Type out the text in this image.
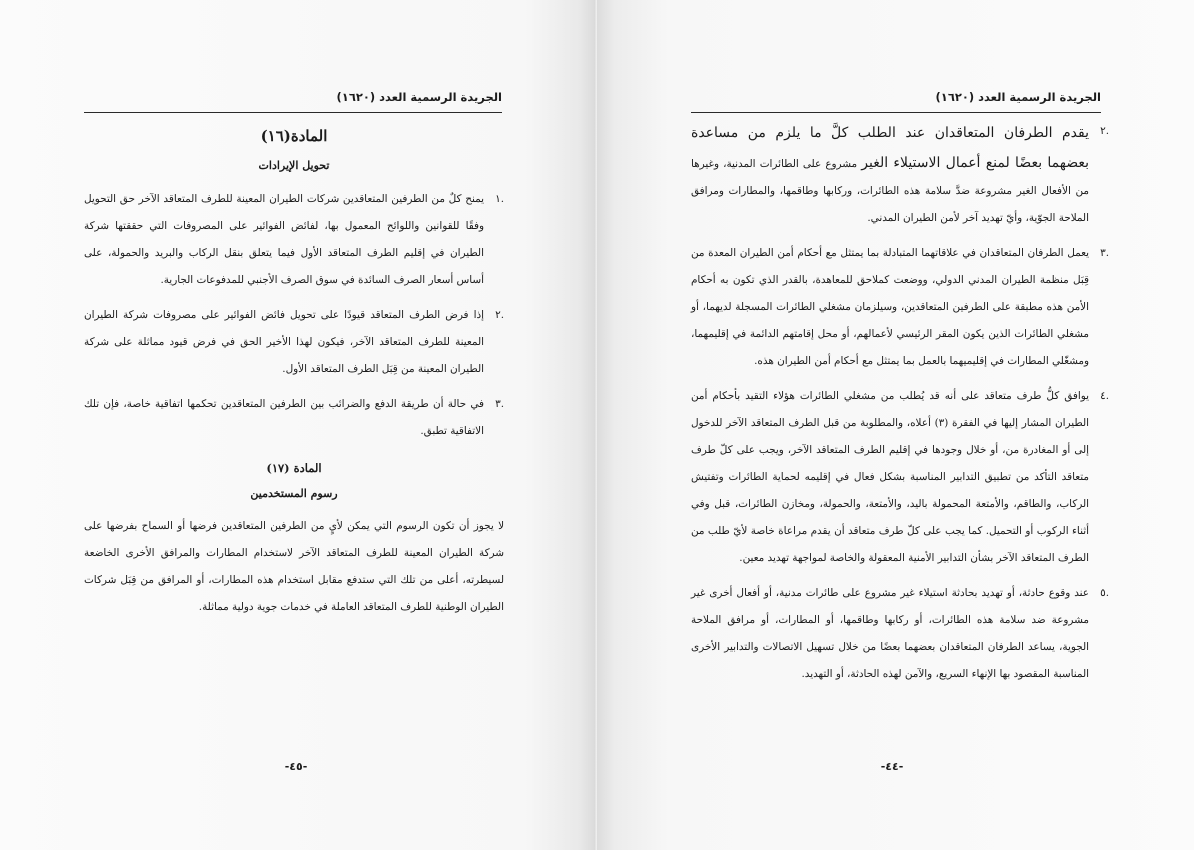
الجريدة الرسمية العدد (١٦٢٠)
المادة(١٦)
تحويل الإيرادات
.١
يمنح كلٌ من الطرفين المتعاقدين شركات الطيران المعينة للطرف المتعاقد الآخر حق التحويل وفقًا للقوانين واللوائح المعمول بها، لفائض الفوائير على المصروفات التي حققتها شركة الطيران في إقليم الطرف المتعاقد الأول فيما يتعلق بنقل الركاب والبريد والحمولة، على أساس أسعار الصرف السائدة في سوق الصرف الأجنبي للمدفوعات الجارية.
.٢
إذا فرض الطرف المتعاقد قيودًا على تحويل فائض الفوائير على مصروفات شركة الطيران المعينة للطرف المتعاقد الآخر، فيكون لهذا الأخير الحق في فرض قيود مماثلة على شركة الطيران المعينة من قِبَل الطرف المتعاقد الأول.
.٣
في حالة أن طريقة الدفع والضرائب بين الطرفين المتعاقدين تحكمها اتفاقية خاصة، فإن تلك الاتفاقية تطبق.
المادة (١٧)
رسوم المستخدمين

لا يجوز أن تكون الرسوم التي يمكن لأيٍ من الطرفين المتعاقدين فرضها أو السماح بفرضها على شركة الطيران المعينة للطرف المتعاقد الآخر لاستخدام المطارات والمرافق الأخرى الخاضعة لسيطرته، أعلى من تلك التي ستدفع مقابل استخدام هذه المطارات، أو المرافق من قِبَل شركات الطيران الوطنية للطرف المتعاقد العاملة في خدمات جوية دولية مماثلة.

-٤٥-
الجريدة الرسمية العدد (١٦٢٠)
.٢
يقدم الطرفان المتعاقدان عند الطلب كلَّ ما يلزم من مساعدة بعضهما بعضًا لمنع أعمال الاستيلاء الغير مشروع على الطائرات المدنية، وغيرها من الأفعال الغير مشروعة ضدَّ سلامة هذه الطائرات، وركابها وطاقمها، والمطارات ومرافق الملاحة الجوّية، وأيّ تهديد آخر لأمن الطيران المدني.
.٣
يعمل الطرفان المتعاقدان في علاقاتهما المتبادلة بما يمتثل مع أحكام أمن الطيران المعدة من قِبَل منظمة الطيران المدني الدولي، ووضعت كملاحق للمعاهدة، بالقدر الذي تكون به أحكام الأمن هذه مطبقة على الطرفين المتعاقدين، وسيلزمان مشغلي الطائرات المسجلة لديهما، أو مشغلي الطائرات الذين يكون المقر الرئيسي لأعمالهم، أو محل إقامتهم الدائمة في إقليمهما، ومشغّلي المطارات في إقليميهما بالعمل بما يمتثل مع أحكام أمن الطيران هذه.
.٤
يوافق كلُّ طرف متعاقد على أنه قد يُطلب من مشغلي الطائرات هؤلاء التقيد بأحكام أمن الطيران المشار إليها في الفقرة (٣) أعلاه، والمطلوبة من قبل الطرف المتعاقد الآخر للدخول إلى أو المغادرة من، أو خلال وجودها في إقليم الطرف المتعاقد الآخر، ويجب على كلّ طرف متعاقد التأكد من تطبيق التدابير المناسبة بشكل فعال في إقليمه لحماية الطائرات وتفتيش الركاب، والطاقم، والأمتعة المحمولة باليد، والأمتعة، والحمولة، ومخازن الطائرات، قبل وفي أثناء الركوب أو التحميل. كما يجب على كلّ طرف متعاقد أن يقدم مراعاة خاصة لأيّ طلب من الطرف المتعاقد الآخر بشأن التدابير الأمنية المعقولة والخاصة لمواجهة تهديد معين.
.٥
عند وقوع حادثة، أو تهديد بحادثة استيلاء غير مشروع على طائرات مدنية، أو أفعال أخرى غير مشروعة ضد سلامة هذه الطائرات، أو ركابها وطاقمها، أو المطارات، أو مرافق الملاحة الجوية، يساعد الطرفان المتعاقدان بعضهما بعضًا من خلال تسهيل الاتصالات والتدابير الأخرى المناسبة المقصود بها الإنهاء السريع، والآمن لهذه الحادثة، أو التهديد.
-٤٤-
